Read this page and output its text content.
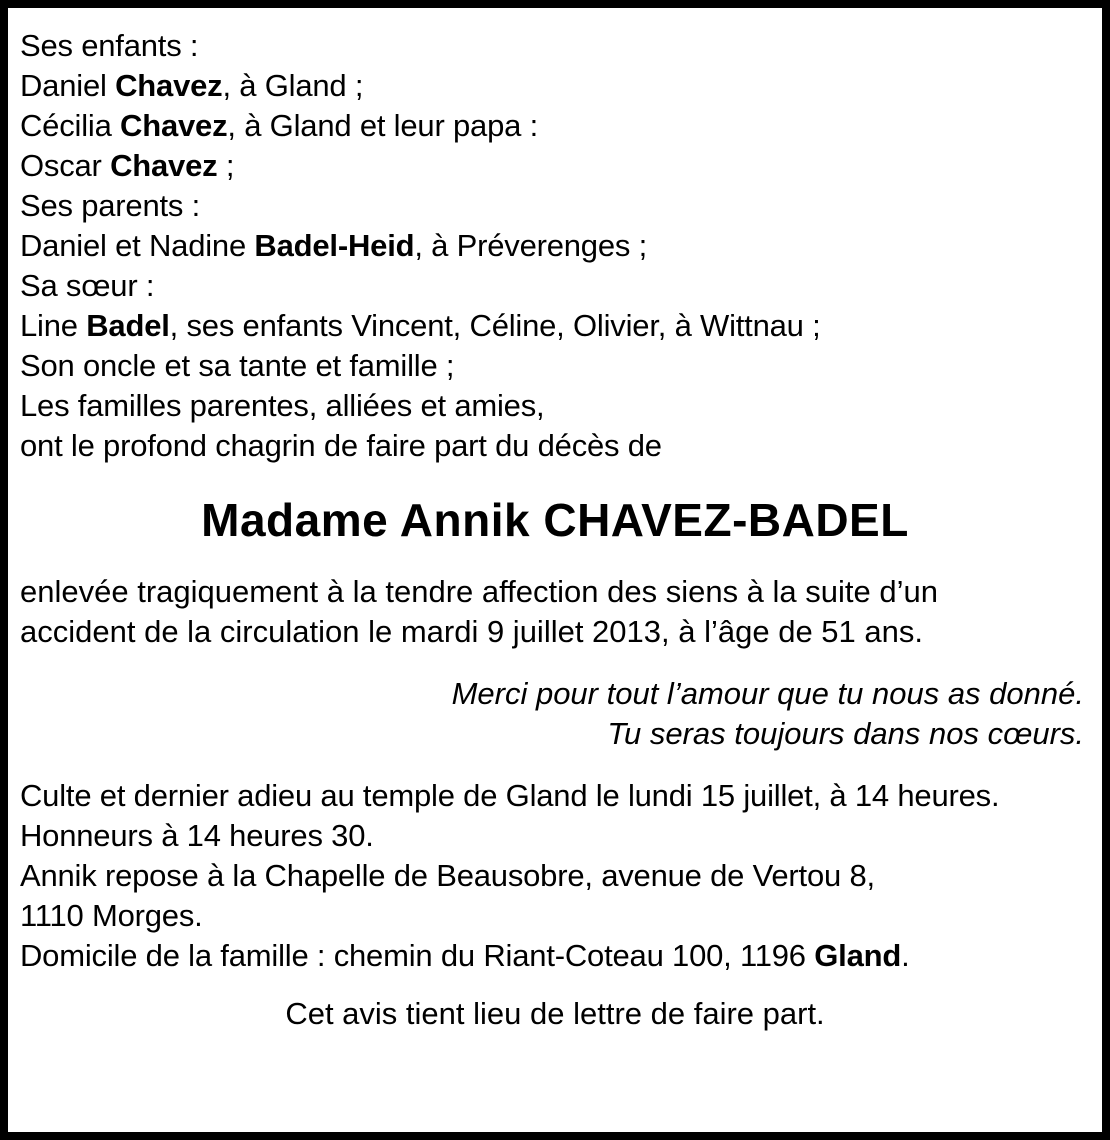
Ses enfants :
Daniel Chavez, à Gland ;
Cécilia Chavez, à Gland et leur papa :
Oscar Chavez ;
Ses parents :
Daniel et Nadine Badel-Heid, à Préverenges ;
Sa sœur :
Line Badel, ses enfants Vincent, Céline, Olivier, à Wittnau ;
Son oncle et sa tante et famille ;
Les familles parentes, alliées et amies,
ont le profond chagrin de faire part du décès de
Madame Annik CHAVEZ-BADEL
enlevée tragiquement à la tendre affection des siens à la suite d’un
accident de la circulation le mardi 9 juillet 2013, à l’âge de 51 ans.
Merci pour tout l’amour que tu nous as donné.
Tu seras toujours dans nos cœurs.
Culte et dernier adieu au temple de Gland le lundi 15 juillet, à 14 heures.
Honneurs à 14 heures 30.
Annik repose à la Chapelle de Beausobre, avenue de Vertou 8,
1110 Morges.
Domicile de la famille : chemin du Riant-Coteau 100, 1196 Gland.
Cet avis tient lieu de lettre de faire part.
